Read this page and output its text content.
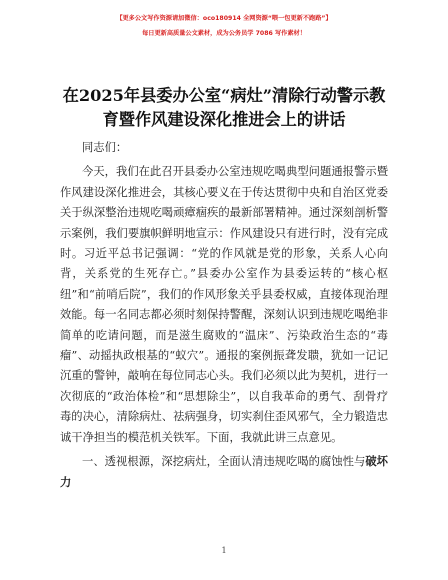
【更多公文写作资源请加微信：oco180914 全网资源“喂一包更新不跑路”】
每日更新高质量公文素材，成为公务员学 7086 写作素材！
在2025年县委办公室“病灶”清除行动警示教育暨作风建设深化推进会上的讲话

同志们：

今天，我们在此召开县委办公室违规吃喝典型问题通报警示暨作风建设深化推进会，其核心要义在于传达贯彻中央和自治区党委关于纵深整治违规吃喝顽瘴痼疾的最新部署精神。通过深刻剖析警示案例，我们要旗帜鲜明地宣示：作风建设只有进行时，没有完成时。习近平总书记强调：“党的作风就是党的形象，关系人心向背，关系党的生死存亡。”县委办公室作为县委运转的“核心枢纽”和“前哨后院”，我们的作风形象关乎县委权威，直接体现治理效能。每一名同志都必须时刻保持警醒，深刻认识到违规吃喝绝非简单的吃请问题，而是滋生腐败的“温床”、污染政治生态的“毒瘤”、动摇执政根基的“蚁穴”。通报的案例振聋发聩，犹如一记记沉重的警钟，敲响在每位同志心头。我们必须以此为契机，进行一次彻底的“政治体检”和“思想除尘”，以自我革命的勇气、刮骨疗毒的决心，清除病灶、祛病强身，切实刹住歪风邪气，全力锻造忠诚干净担当的模范机关铁军。下面，我就此讲三点意见。

一、透视根源，深挖病灶，全面认清违规吃喝的腐蚀性与破坏力

1
